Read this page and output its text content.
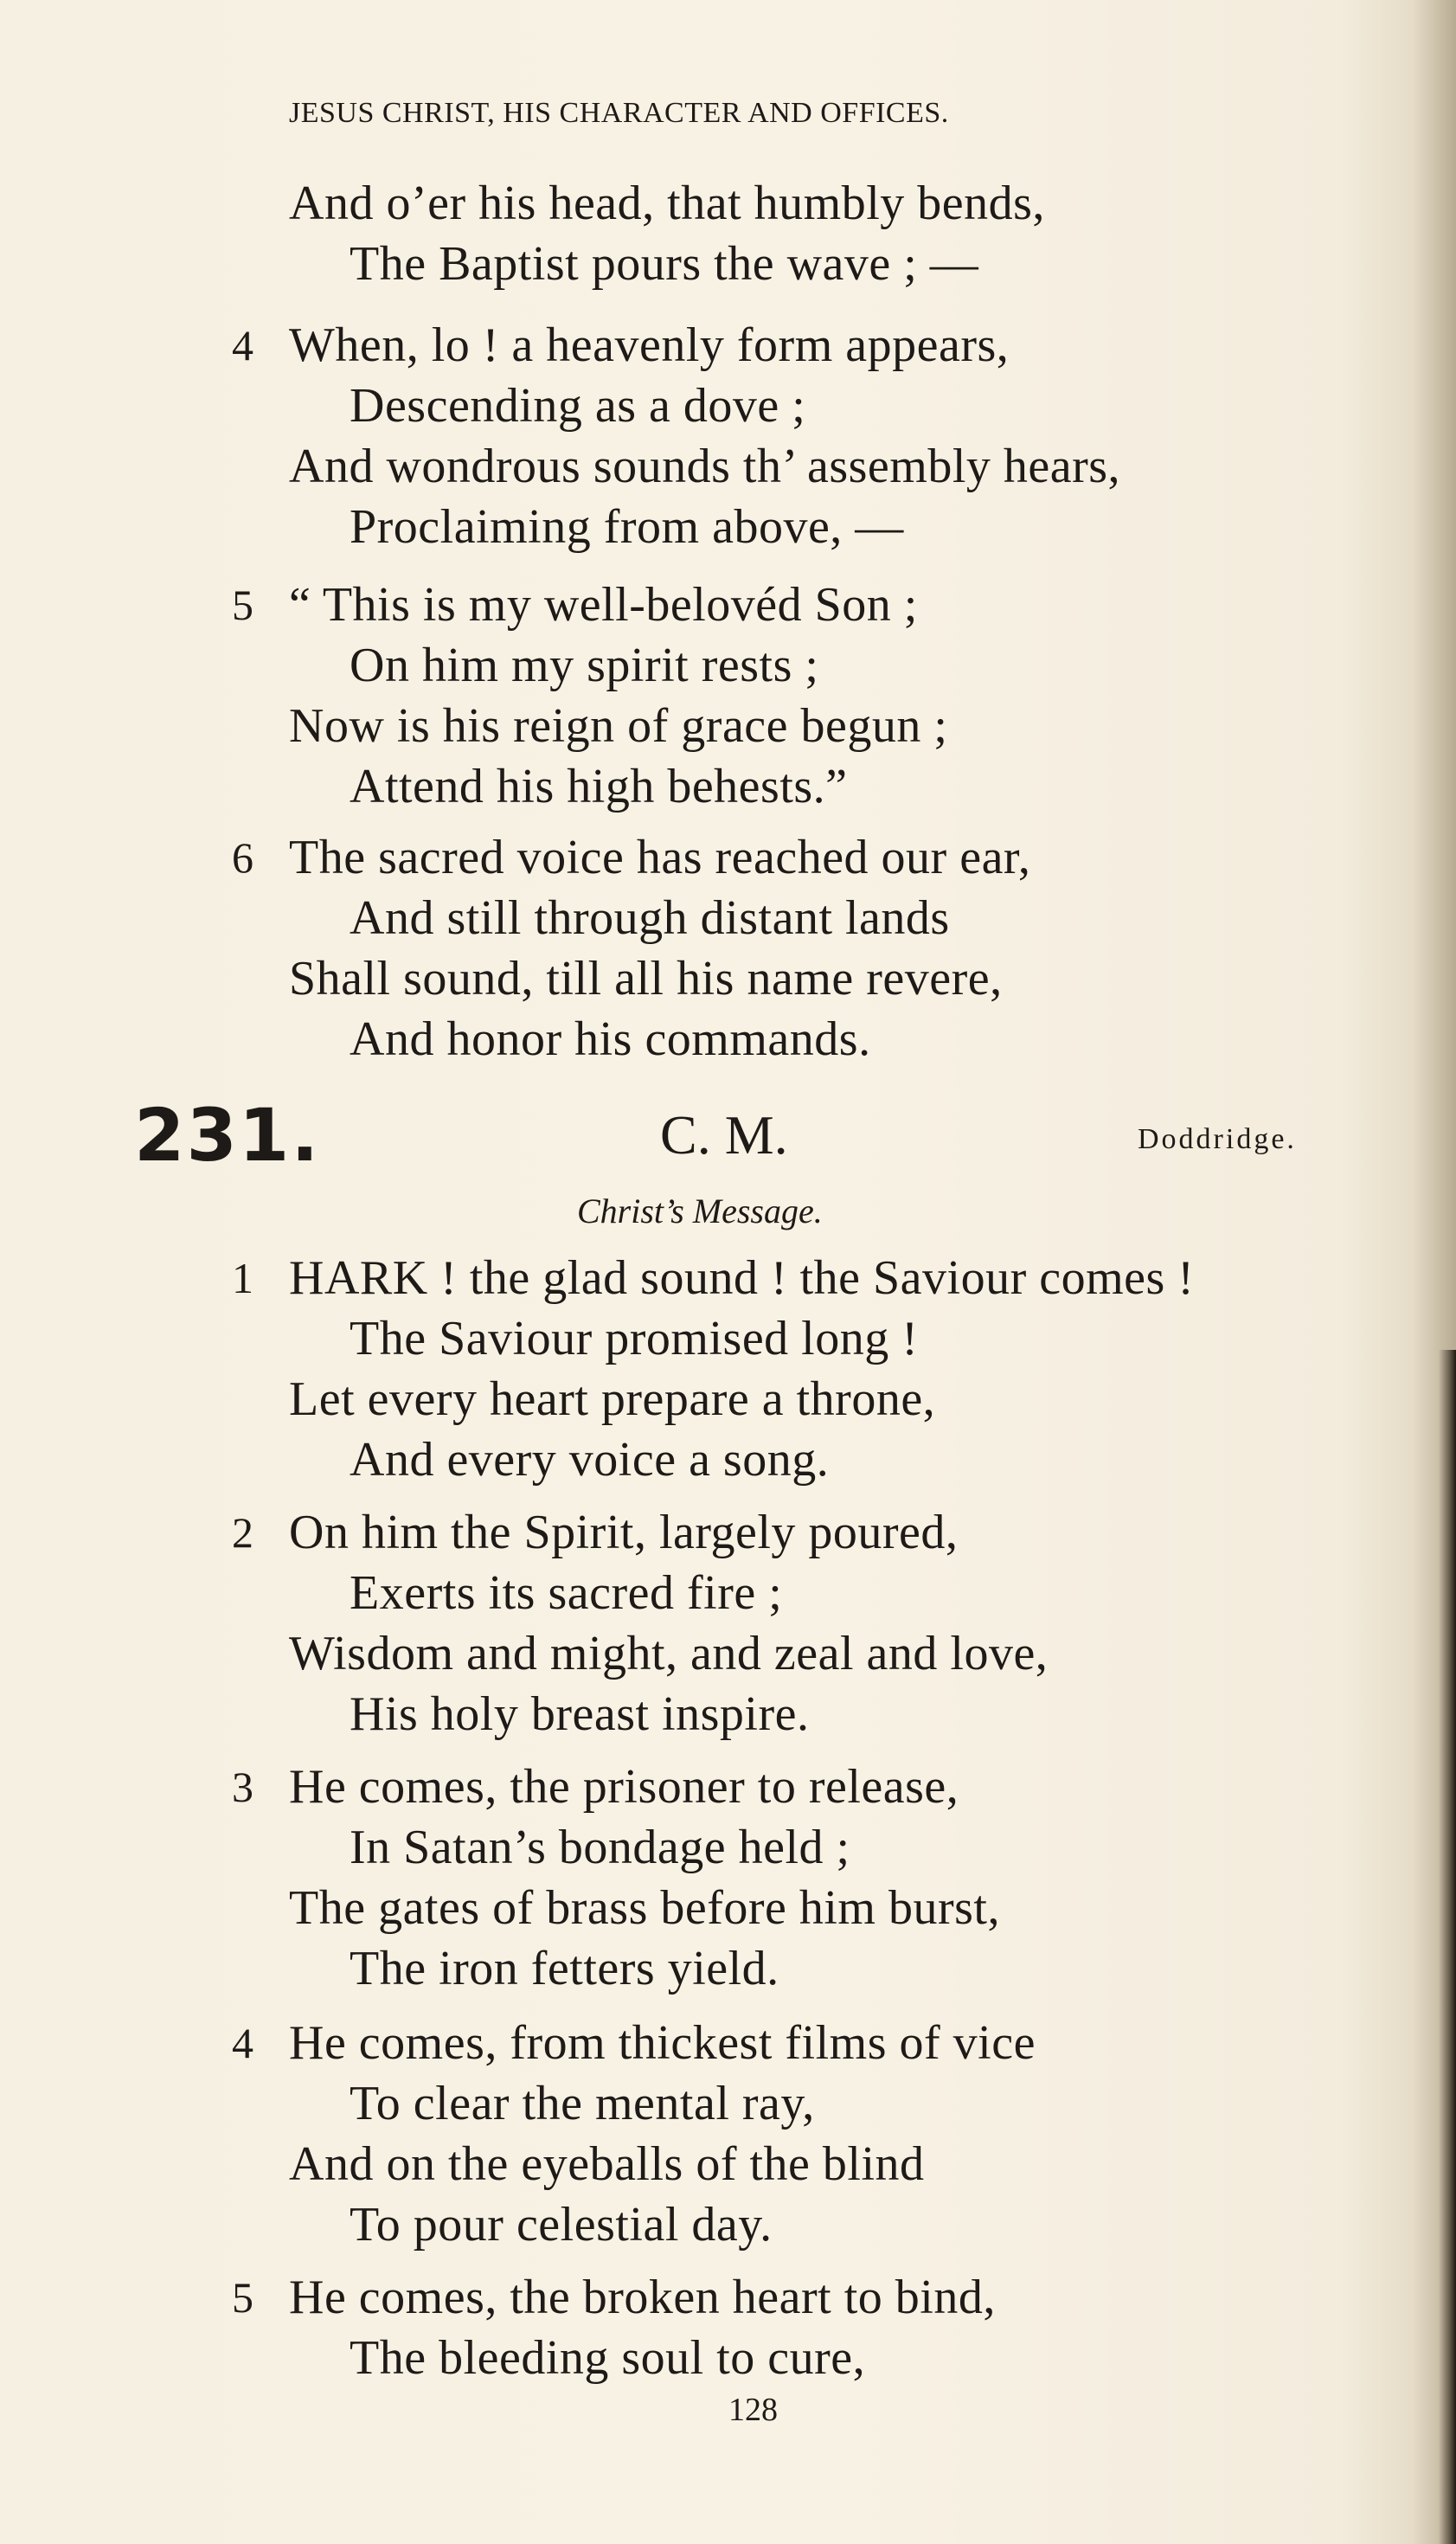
JESUS CHRIST, HIS CHARACTER AND OFFICES.
And o’er his head, that humbly bends,
The Baptist pours the wave ; —
4 When, lo ! a heavenly form appears,
Descending as a dove ;
And wondrous sounds th’ assembly hears,
Proclaiming from above, —
5 “ This is my well-belovéd Son ;
On him my spirit rests ;
Now is his reign of grace begun ;
Attend his high behests.”
6 The sacred voice has reached our ear,
And still through distant lands
Shall sound, till all his name revere,
And honor his commands.
231.	C. M.	Doddridge.
Christ’s Message.
1 HARK ! the glad sound ! the Saviour comes !
The Saviour promised long !
Let every heart prepare a throne,
And every voice a song.
2 On him the Spirit, largely poured,
Exerts its sacred fire ;
Wisdom and might, and zeal and love,
His holy breast inspire.
3 He comes, the prisoner to release,
In Satan’s bondage held ;
The gates of brass before him burst,
The iron fetters yield.
4 He comes, from thickest films of vice
To clear the mental ray,
And on the eyeballs of the blind
To pour celestial day.
5 He comes, the broken heart to bind,
The bleeding soul to cure,
128
